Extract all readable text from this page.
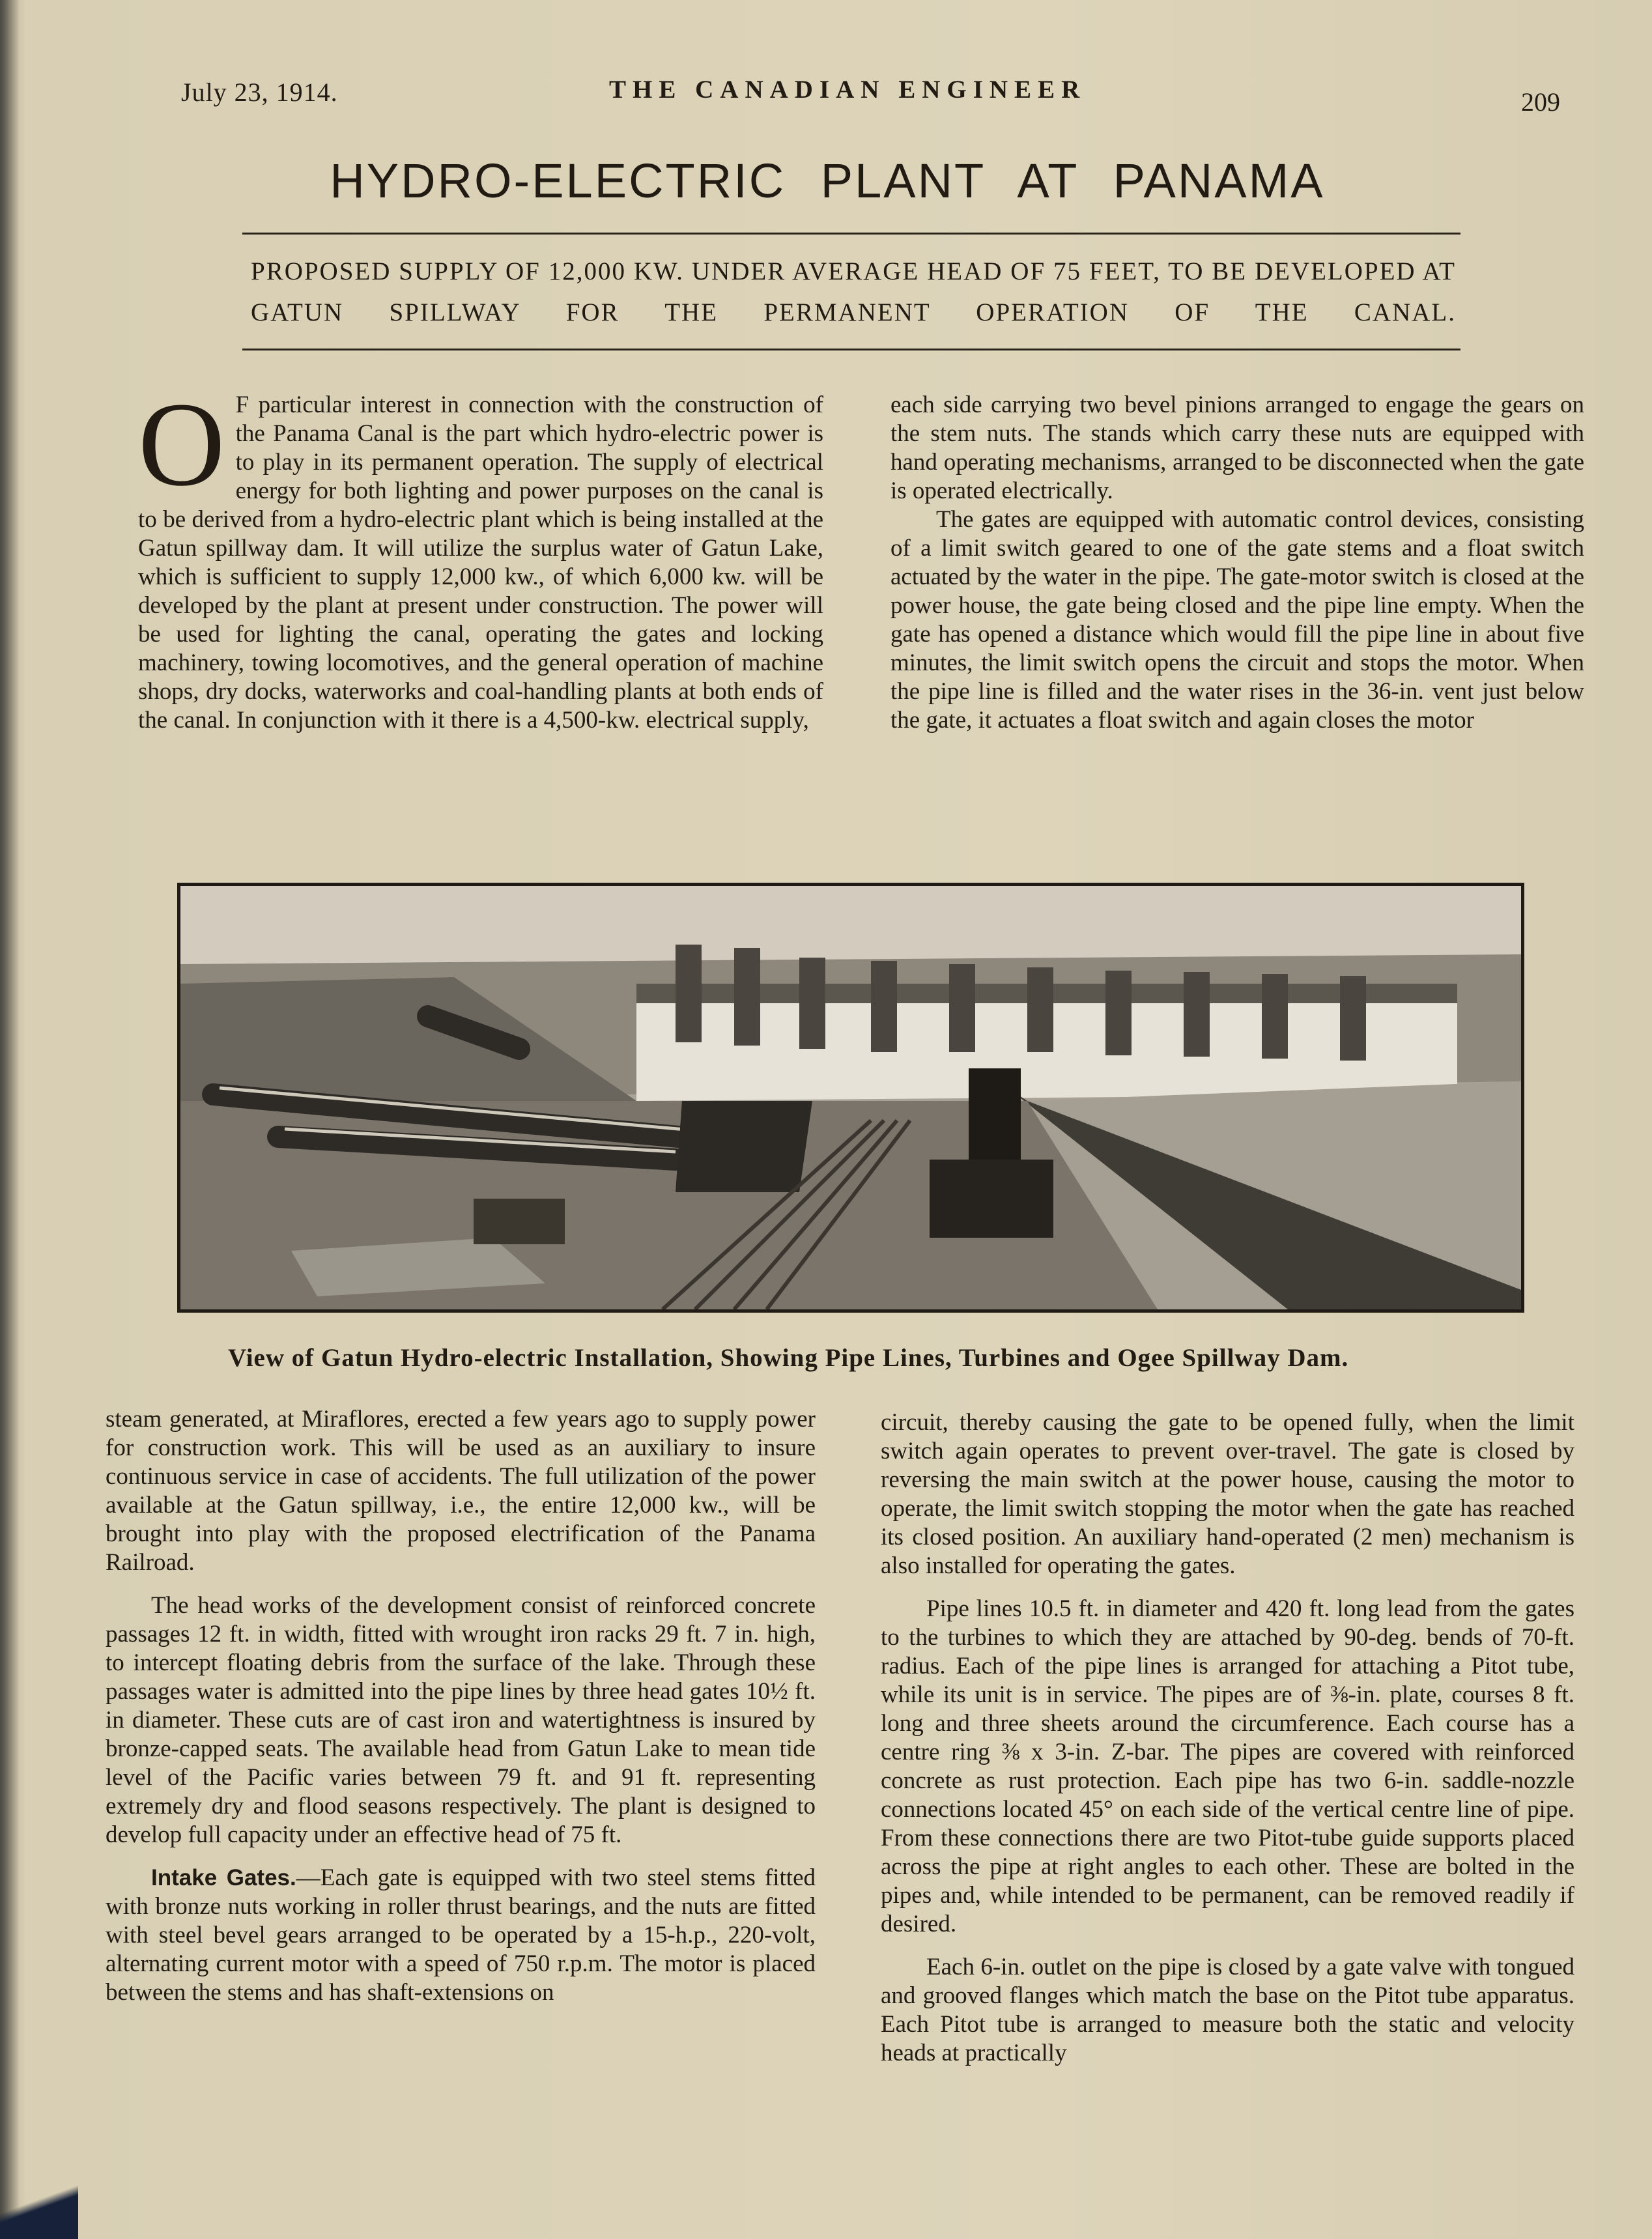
July 23, 1914.	THE CANADIAN ENGINEER	209
HYDRO-ELECTRIC PLANT AT PANAMA
PROPOSED SUPPLY OF 12,000 KW. UNDER AVERAGE HEAD OF 75 FEET, TO BE DEVELOPED AT GATUN SPILLWAY FOR THE PERMANENT OPERATION OF THE CANAL.

O F particular interest in connection with the construction of the Panama Canal is the part which hydro-electric power is to play in its permanent operation. The supply of electrical energy for both lighting and power purposes on the canal is to be derived from a hydro-electric plant which is being installed at the Gatun spillway dam. It will utilize the surplus water of Gatun Lake, which is sufficient to supply 12,000 kw., of which 6,000 kw. will be developed by the plant at present under construction. The power will be used for lighting the canal, operating the gates and locking machinery, towing locomotives, and the general operation of machine shops, dry docks, waterworks and coal-handling plants at both ends of the canal. In conjunction with it there is a 4,500-kw. electrical supply,

each side carrying two bevel pinions arranged to engage the gears on the stem nuts. The stands which carry these nuts are equipped with hand operating mechanisms, arranged to be disconnected when the gate is operated electrically.

The gates are equipped with automatic control devices, consisting of a limit switch geared to one of the gate stems and a float switch actuated by the water in the pipe. The gate-motor switch is closed at the power house, the gate being closed and the pipe line empty. When the gate has opened a distance which would fill the pipe line in about five minutes, the limit switch opens the circuit and stops the motor. When the pipe line is filled and the water rises in the 36-in. vent just below the gate, it actuates a float switch and again closes the motor

View of Gatun Hydro-electric Installation, Showing Pipe Lines, Turbines and Ogee Spillway Dam.

steam generated, at Miraflores, erected a few years ago to supply power for construction work. This will be used as an auxiliary to insure continuous service in case of accidents. The full utilization of the power available at the Gatun spillway, i.e., the entire 12,000 kw., will be brought into play with the proposed electrification of the Panama Railroad.

The head works of the development consist of reinforced concrete passages 12 ft. in width, fitted with wrought iron racks 29 ft. 7 in. high, to intercept floating debris from the surface of the lake. Through these passages water is admitted into the pipe lines by three head gates 10½ ft. in diameter. These cuts are of cast iron and watertightness is insured by bronze-capped seats. The available head from Gatun Lake to mean tide level of the Pacific varies between 79 ft. and 91 ft. representing extremely dry and flood seasons respectively. The plant is designed to develop full capacity under an effective head of 75 ft.

Intake Gates.—Each gate is equipped with two steel stems fitted with bronze nuts working in roller thrust bearings, and the nuts are fitted with steel bevel gears arranged to be operated by a 15-h.p., 220-volt, alternating current motor with a speed of 750 r.p.m. The motor is placed between the stems and has shaft-extensions on

circuit, thereby causing the gate to be opened fully, when the limit switch again operates to prevent over-travel. The gate is closed by reversing the main switch at the power house, causing the motor to operate, the limit switch stopping the motor when the gate has reached its closed position. An auxiliary hand-operated (2 men) mechanism is also installed for operating the gates.

Pipe lines 10.5 ft. in diameter and 420 ft. long lead from the gates to the turbines to which they are attached by 90-deg. bends of 70-ft. radius. Each of the pipe lines is arranged for attaching a Pitot tube, while its unit is in service. The pipes are of ⅜-in. plate, courses 8 ft. long and three sheets around the circumference. Each course has a centre ring ⅜ x 3-in. Z-bar. The pipes are covered with reinforced concrete as rust protection. Each pipe has two 6-in. saddle-nozzle connections located 45° on each side of the vertical centre line of pipe. From these connections there are two Pitot-tube guide supports placed across the pipe at right angles to each other. These are bolted in the pipes and, while intended to be permanent, can be removed readily if desired.

Each 6-in. outlet on the pipe is closed by a gate valve with tongued and grooved flanges which match the base on the Pitot tube apparatus. Each Pitot tube is arranged to measure both the static and velocity heads at practically
